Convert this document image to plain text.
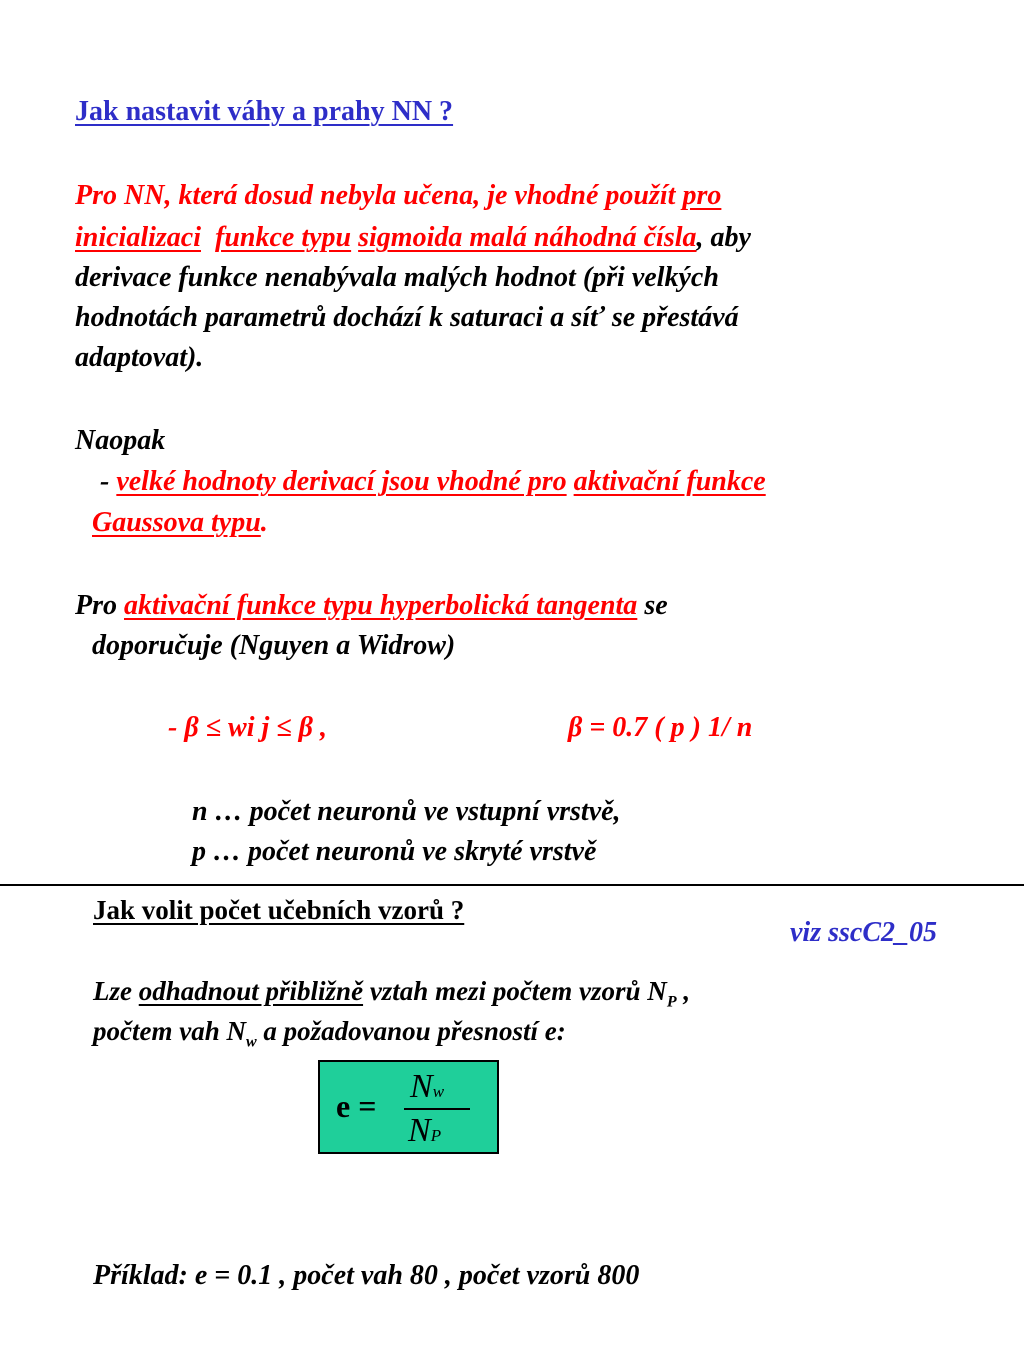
Jak nastavit váhy a prahy NN ?
Pro NN, která dosud nebyla učena, je vhodné použít pro
inicializaci funkce typu sigmoida malá náhodná čísla, aby
derivace funkce nenabývala malých hodnot (při velkých
hodnotách parametrů dochází k saturaci a síť se přestává
adaptovat).
Naopak
- velké hodnoty derivací jsou vhodné pro aktivační funkce
Gaussova typu.
Pro aktivační funkce typu hyperbolická tangenta se
doporučuje (Nguyen a Widrow)
- β ≤ wi j ≤ β ,	β = 0.7 ( p ) 1/ n
n … počet neuronů ve vstupní vrstvě,
p … počet neuronů ve skryté vrstvě
Jak volit počet učebních vzorů ?
viz sscC2_05
Lze odhadnout přibližně vztah mezi počtem vzorů $N_P$ ,
počtem vah $N_w$ a požadovanou přesností e:
e =
Nw
NP
Příklad: e = 0.1 , počet vah 80 , počet vzorů 800
